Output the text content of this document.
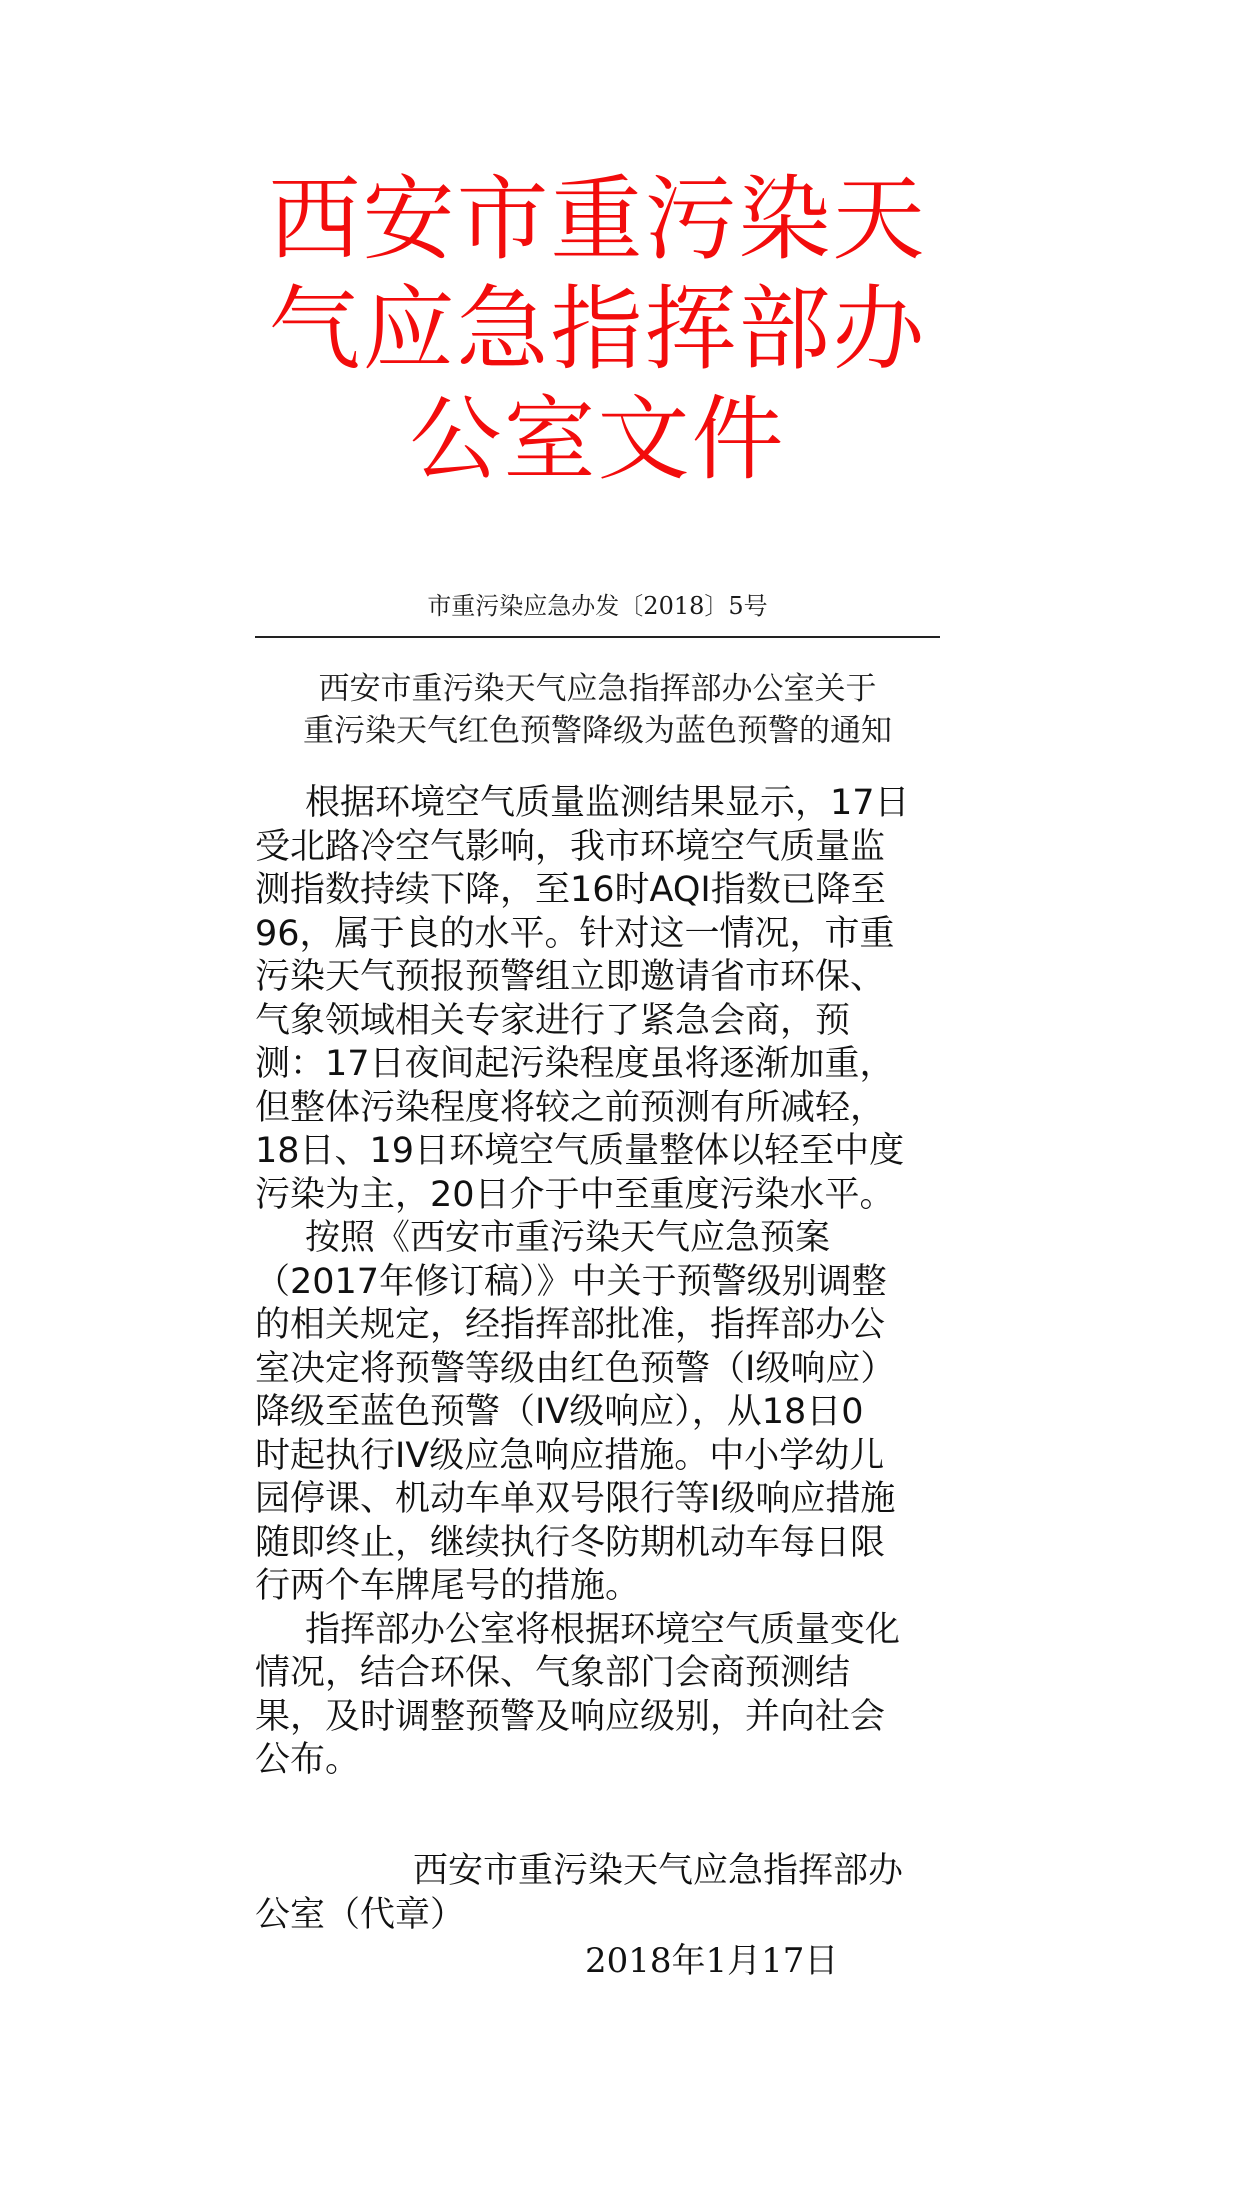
西安市重污染天
气应急指挥部办
公室文件
市重污染应急办发〔2018〕5号
西安市重污染天气应急指挥部办公室关于
重污染天气红色预警降级为蓝色预警的通知
根据环境空气质量监测结果显示，17日
受北路冷空气影响，我市环境空气质量监
测指数持续下降，至16时AQI指数已降至
96，属于良的水平。针对这一情况，市重
污染天气预报预警组立即邀请省市环保、
气象领域相关专家进行了紧急会商，预
测：17日夜间起污染程度虽将逐渐加重，
但整体污染程度将较之前预测有所减轻，
18日、19日环境空气质量整体以轻至中度
污染为主，20日介于中至重度污染水平。
按照《西安市重污染天气应急预案
（2017年修订稿）》中关于预警级别调整
的相关规定，经指挥部批准，指挥部办公
室决定将预警等级由红色预警（I级响应）
降级至蓝色预警（IV级响应），从18日0
时起执行IV级应急响应措施。中小学幼儿
园停课、机动车单双号限行等I级响应措施
随即终止，继续执行冬防期机动车每日限
行两个车牌尾号的措施。
指挥部办公室将根据环境空气质量变化
情况，结合环保、气象部门会商预测结
果，及时调整预警及响应级别，并向社会
公布。
西安市重污染天气应急指挥部办
公室（代章）
2018年1月17日
